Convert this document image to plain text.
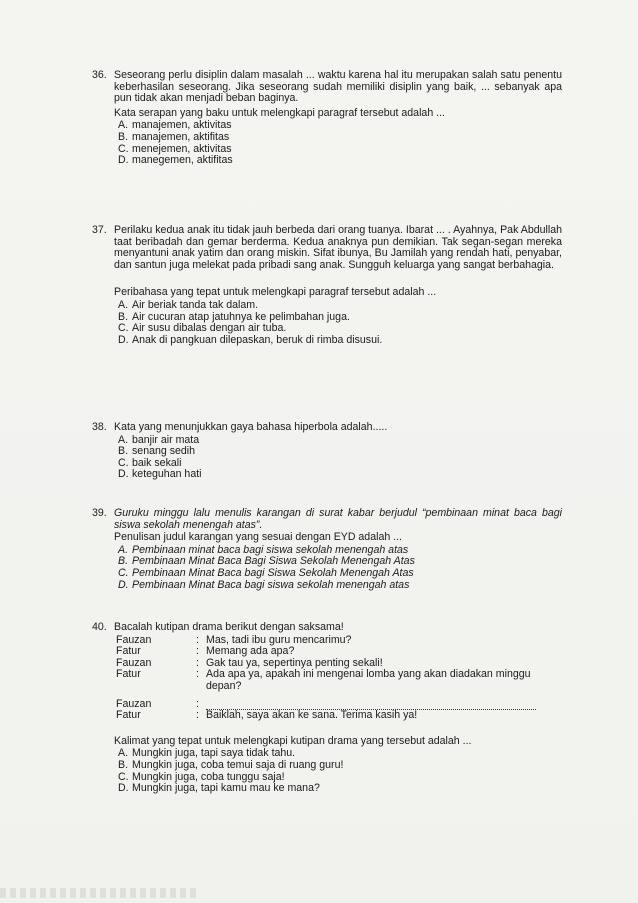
36. Seseorang perlu disiplin dalam masalah ... waktu karena hal itu merupakan salah satu penentu keberhasilan seseorang. Jika seseorang sudah memiliki disiplin yang baik, ... sebanyak apa pun tidak akan menjadi beban baginya.
Kata serapan yang baku untuk melengkapi paragraf tersebut adalah ...
A. manajemen, aktivitas
B. manajemen, aktifitas
C. menejemen, aktivitas
D. manegemen, aktifitas
37. Perilaku kedua anak itu tidak jauh berbeda dari orang tuanya. Ibarat ... . Ayahnya, Pak Abdullah taat beribadah dan gemar berderma. Kedua anaknya pun demikian. Tak segan-segan mereka menyantuni anak yatim dan orang miskin. Sifat ibunya, Bu Jamilah yang rendah hati, penyabar, dan santun juga melekat pada pribadi sang anak. Sungguh keluarga yang sangat berbahagia.
Peribahasa yang tepat untuk melengkapi paragraf tersebut adalah ...
A. Air beriak tanda tak dalam.
B. Air cucuran atap jatuhnya ke pelimbahan juga.
C. Air susu dibalas dengan air tuba.
D. Anak di pangkuan dilepaskan, beruk di rimba disusui.
38. Kata yang menunjukkan gaya bahasa hiperbola adalah.....
A. banjir air mata
B. senang sedih
C. baik sekali
D. keteguhan hati
39. Guruku minggu lalu menulis karangan di surat kabar berjudul “pembinaan minat baca bagi siswa sekolah menengah atas”.
Penulisan judul karangan yang sesuai dengan EYD adalah ...
A. Pembinaan minat baca bagi siswa sekolah menengah atas
B. Pembinaan Minat Baca Bagi Siswa Sekolah Menengah Atas
C. Pembinaan Minat Baca bagi Siswa Sekolah Menengah Atas
D. Pembinaan Minat Baca bagi siswa sekolah menengah atas
40. Bacalah kutipan drama berikut dengan saksama!
Fauzan	: Mas, tadi ibu guru mencarimu?
Fatur	: Memang ada apa?
Fauzan	: Gak tau ya, sepertinya penting sekali!
Fatur	: Ada apa ya, apakah ini mengenai lomba yang akan diadakan minggu depan?
Fauzan	:
Fatur	: Baiklah, saya akan ke sana. Terima kasih ya!
Kalimat yang tepat untuk melengkapi kutipan drama yang tersebut adalah ...
A. Mungkin juga, tapi saya tidak tahu.
B. Mungkin juga, coba temui saja di ruang guru!
C. Mungkin juga, coba tunggu saja!
D. Mungkin juga, tapi kamu mau ke mana?
